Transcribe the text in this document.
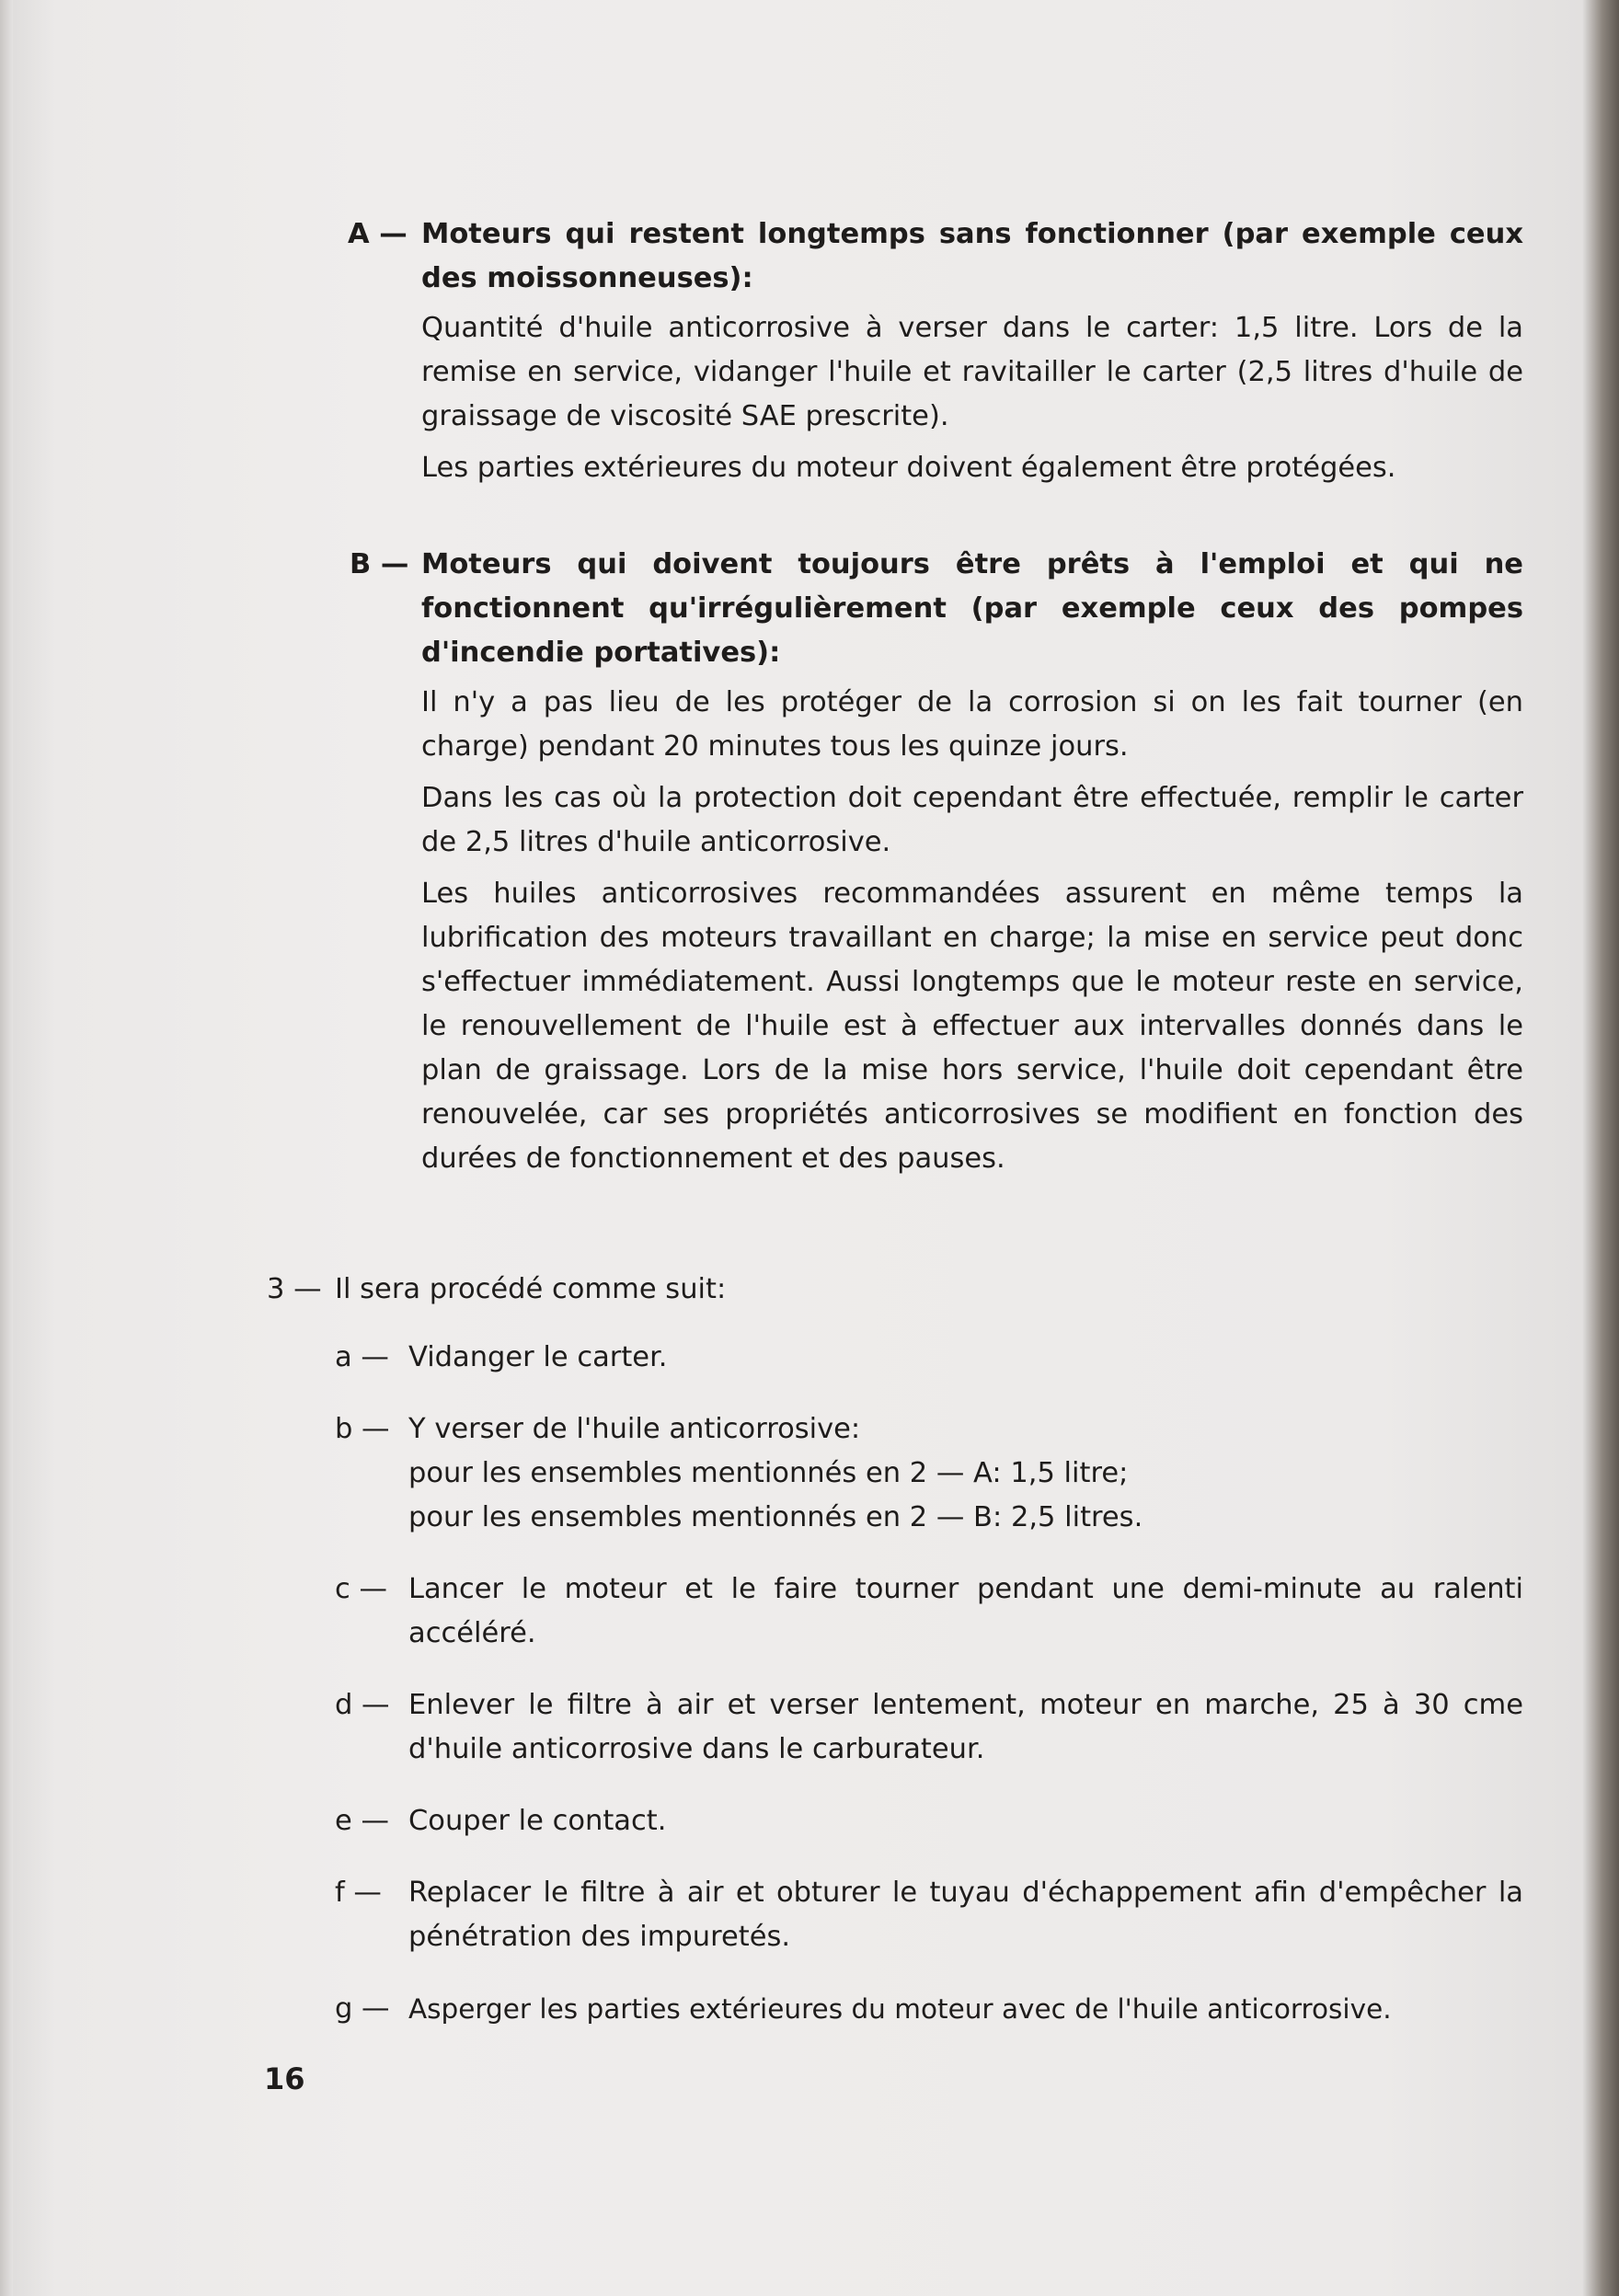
A — Moteurs qui restent longtemps sans fonctionner (par exemple ceux des moissonneuses):

Quantité d'huile anticorrosive à verser dans le carter: 1,5 litre. Lors de la remise en service, vidanger l'huile et ravitailler le carter (2,5 litres d'huile de graissage de viscosité SAE prescrite).

Les parties extérieures du moteur doivent également être protégées.

B — Moteurs qui doivent toujours être prêts à l'emploi et qui ne fonctionnent qu'irrégulièrement (par exemple ceux des pompes d'incendie portatives):

Il n'y a pas lieu de les protéger de la corrosion si on les fait tourner (en charge) pendant 20 minutes tous les quinze jours.

Dans les cas où la protection doit cependant être effectuée, remplir le carter de 2,5 litres d'huile anticorrosive.

Les huiles anticorrosives recommandées assurent en même temps la lubrification des moteurs travaillant en charge; la mise en service peut donc s'effectuer immédiatement. Aussi longtemps que le moteur reste en service, le renouvellement de l'huile est à effectuer aux intervalles donnés dans le plan de graissage. Lors de la mise hors service, l'huile doit cependant être renouvelée, car ses propriétés anticorrosives se modifient en fonction des durées de fonctionnement et des pauses.

3 — Il sera procédé comme suit:
a — Vidanger le carter.
b — Y verser de l'huile anticorrosive:
pour les ensembles mentionnés en 2 — A: 1,5 litre;
pour les ensembles mentionnés en 2 — B: 2,5 litres.
c — Lancer le moteur et le faire tourner pendant une demi-minute au ralenti accéléré.
d — Enlever le filtre à air et verser lentement, moteur en marche, 25 à 30 cme d'huile anticorrosive dans le carburateur.
e — Couper le contact.
f — Replacer le filtre à air et obturer le tuyau d'échappement afin d'empêcher la pénétration des impuretés.
g — Asperger les parties extérieures du moteur avec de l'huile anticorrosive.
16
